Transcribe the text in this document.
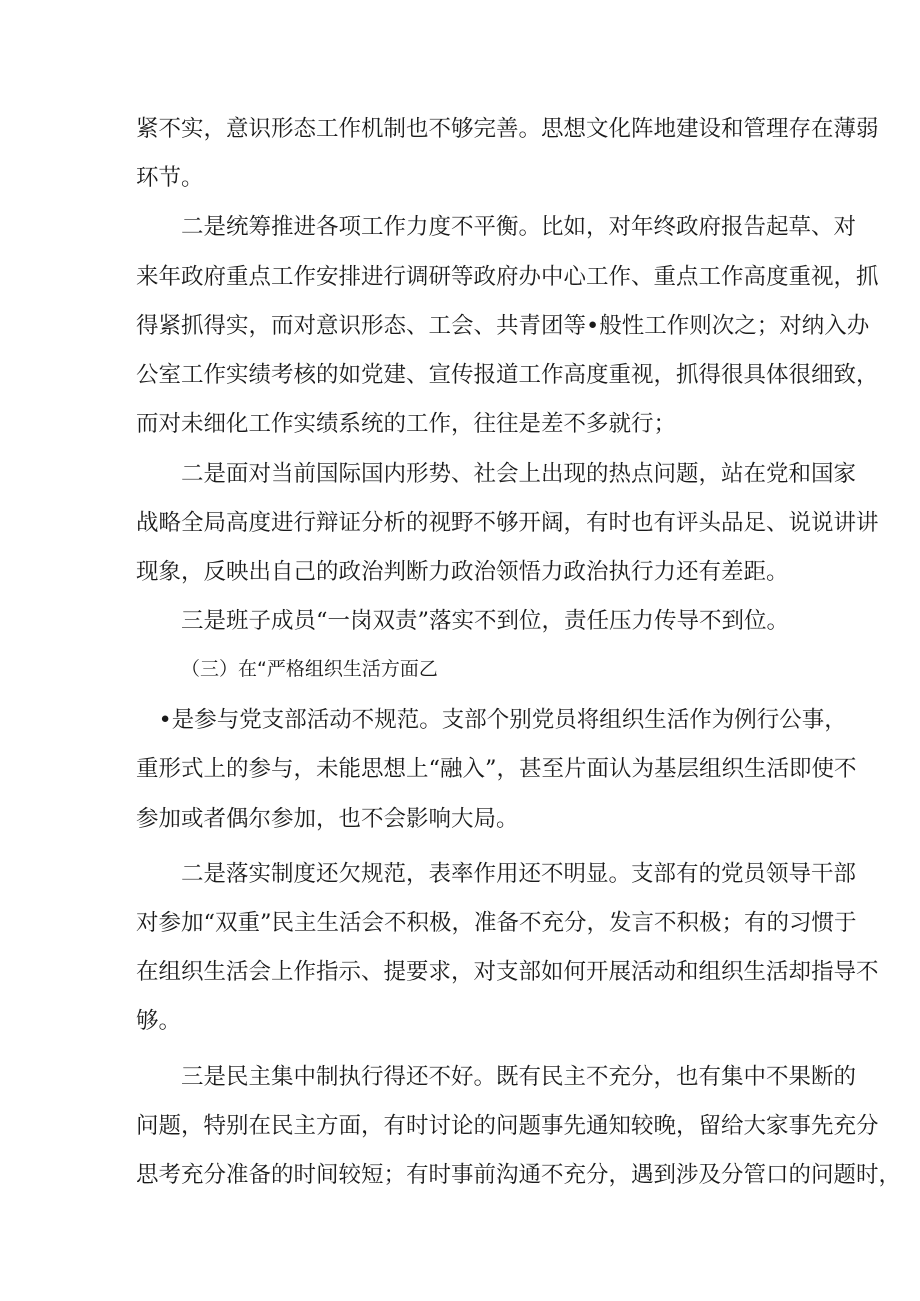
紧不实，意识形态工作机制也不够完善。思想文化阵地建设和管理存在薄弱
环节。
　　二是统筹推进各项工作力度不平衡。比如，对年终政府报告起草、对
来年政府重点工作安排进行调研等政府办中心工作、重点工作高度重视，抓
得紧抓得实，而对意识形态、工会、共青团等•般性工作则次之；对纳入办
公室工作实绩考核的如党建、宣传报道工作高度重视，抓得很具体很细致，
而对未细化工作实绩系统的工作，往往是差不多就行；
　　二是面对当前国际国内形势、社会上出现的热点问题，站在党和国家
战略全局高度进行辩证分析的视野不够开阔，有时也有评头品足、说说讲讲
现象，反映出自己的政治判断力政治领悟力政治执行力还有差距。
　　三是班子成员“一岗双责”落实不到位，责任压力传导不到位。
（三）在“严格组织生活方面乙
　•是参与党支部活动不规范。支部个别党员将组织生活作为例行公事，
重形式上的参与，未能思想上“融入”，甚至片面认为基层组织生活即使不
参加或者偶尔参加，也不会影响大局。
　　二是落实制度还欠规范，表率作用还不明显。支部有的党员领导干部
对参加“双重”民主生活会不积极，准备不充分，发言不积极；有的习惯于
在组织生活会上作指示、提要求，对支部如何开展活动和组织生活却指导不
够。
　　三是民主集中制执行得还不好。既有民主不充分，也有集中不果断的
问题，特别在民主方面，有时讨论的问题事先通知较晚，留给大家事先充分
思考充分准备的时间较短；有时事前沟通不充分，遇到涉及分管口的问题时，
